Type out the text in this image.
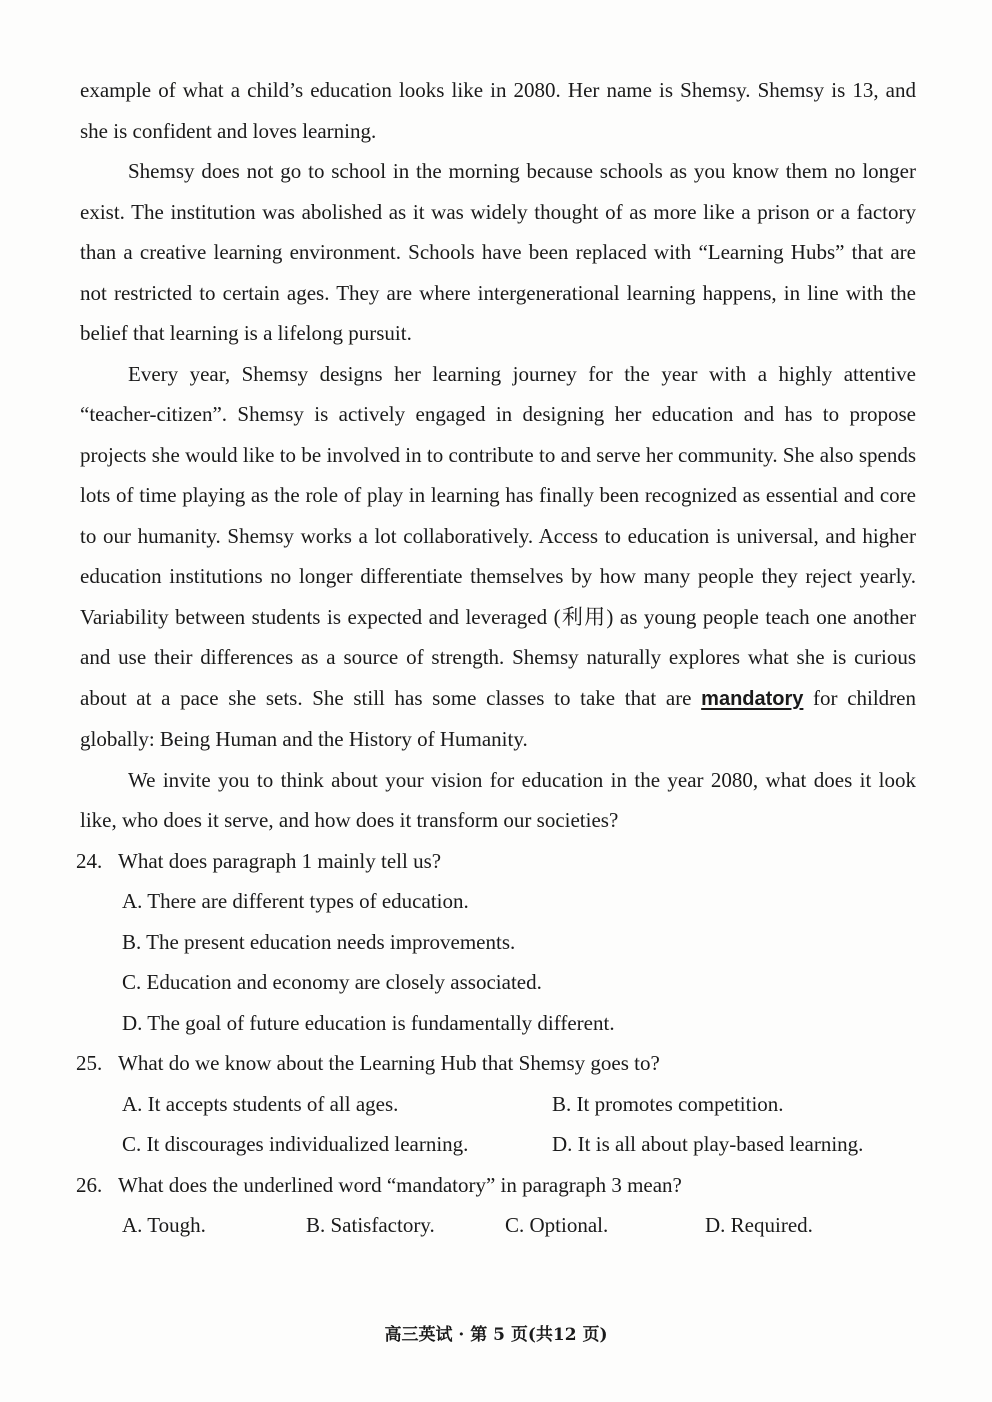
example of what a child’s education looks like in 2080. Her name is Shemsy. Shemsy is 13, and she is confident and loves learning.

Shemsy does not go to school in the morning because schools as you know them no longer exist. The institution was abolished as it was widely thought of as more like a prison or a factory than a creative learning environment. Schools have been replaced with “Learning Hubs” that are not restricted to certain ages. They are where intergenerational learning happens, in line with the belief that learning is a lifelong pursuit.

Every year, Shemsy designs her learning journey for the year with a highly attentive “teacher-citizen”. Shemsy is actively engaged in designing her education and has to propose projects she would like to be involved in to contribute to and serve her community. She also spends lots of time playing as the role of play in learning has finally been recognized as essential and core to our humanity. Shemsy works a lot collaboratively. Access to education is universal, and higher education institutions no longer differentiate themselves by how many people they reject yearly. Variability between students is expected and leveraged (利用) as young people teach one another and use their differences as a source of strength. Shemsy naturally explores what she is curious about at a pace she sets. She still has some classes to take that are mandatory for children globally: Being Human and the History of Humanity.

We invite you to think about your vision for education in the year 2080, what does it look like, who does it serve, and how does it transform our societies?

24. What does paragraph 1 mainly tell us?

A. There are different types of education.

B. The present education needs improvements.

C. Education and economy are closely associated.

D. The goal of future education is fundamentally different.

25. What do we know about the Learning Hub that Shemsy goes to?

A. It accepts students of all ages.	B. It promotes competition.
C. It discourages individualized learning.	D. It is all about play-based learning.

26. What does the underlined word “mandatory” in paragraph 3 mean?

A. Tough.	B. Satisfactory.	C. Optional.	D. Required.
高三英试 · 第 5 页(共12 页)
